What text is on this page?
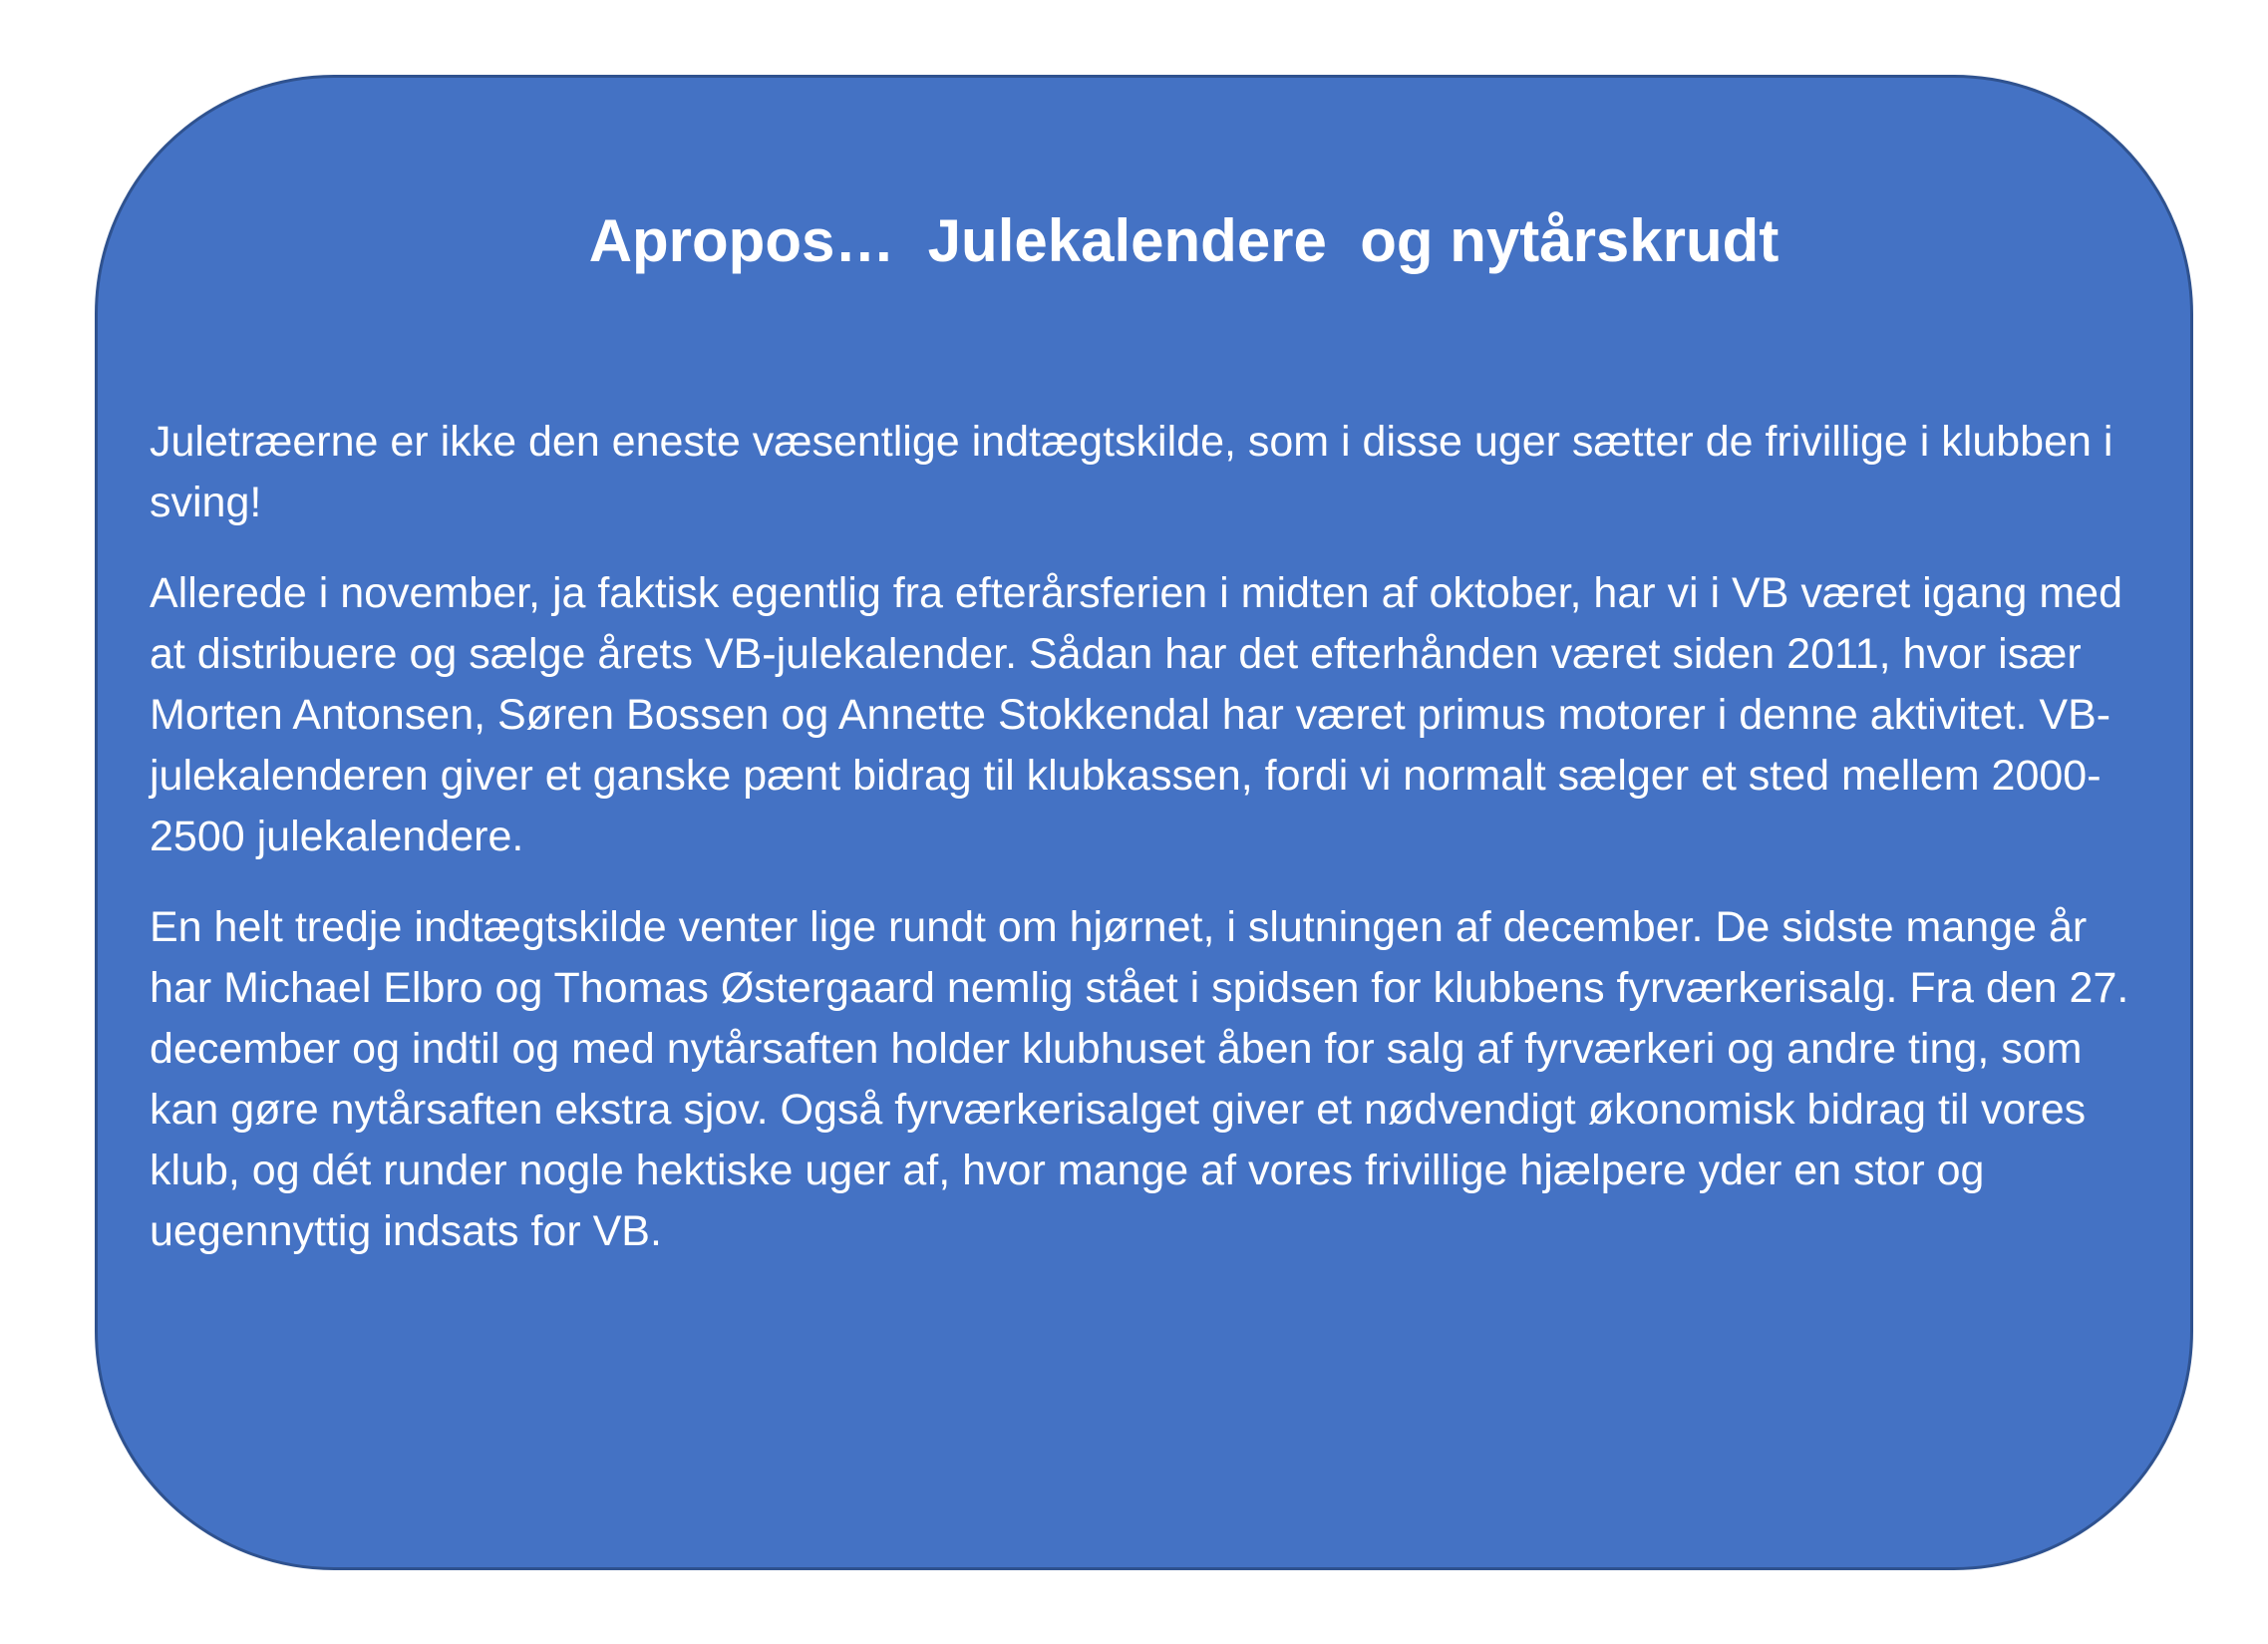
Apropos…  Julekalendere  og nytårskrudt

Juletræerne er ikke den eneste væsentlige indtægtskilde, som i disse uger sætter de frivillige i klubben i sving!

Allerede i november, ja faktisk egentlig fra efterårsferien i midten af oktober, har vi i VB været igang med at distribuere og sælge årets VB-julekalender. Sådan har det efterhånden været siden 2011, hvor især Morten Antonsen, Søren Bossen og Annette Stokkendal har været primus motorer i denne aktivitet. VB-julekalenderen giver et ganske pænt bidrag til klubkassen, fordi vi normalt sælger et sted mellem 2000-2500 julekalendere.

En helt tredje indtægtskilde venter lige rundt om hjørnet, i slutningen af december. De sidste mange år har Michael Elbro og Thomas Østergaard nemlig stået i spidsen for klubbens fyrværkerisalg. Fra den 27. december og indtil og med nytårsaften holder klubhuset åben for salg af fyrværkeri og andre ting, som kan gøre nytårsaften ekstra sjov. Også fyrværkerisalget giver et nødvendigt økonomisk bidrag til vores klub, og dét runder nogle hektiske uger af, hvor mange af vores frivillige hjælpere yder en stor og uegennyttig indsats for VB.
